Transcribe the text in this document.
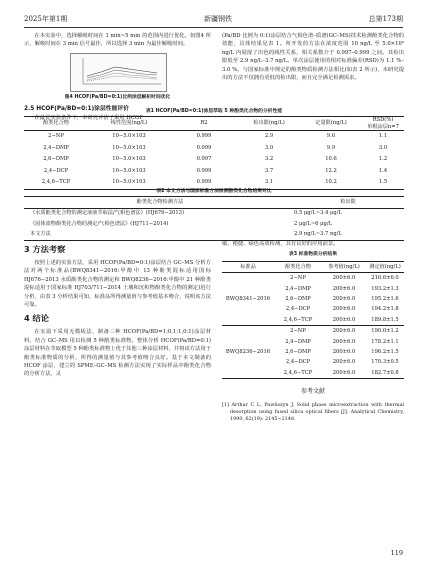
2025年第1期	新疆钢铁	总第173期

在本实验中，选择解吸时间在 1 min~5 min 的范围内进行优化，如图4 所示，解吸时间在 3 min 信号最佳，所以选择 3 min 为最佳解吸时间。

图4 HCOF(Pa/BD=0:1)比例涂层解析时间优化
2.5 HCOF(Pa/BD=0:1)涂层性能评价

在最优实验条件下，本研究评估了采用 HCOF

(Pa/BD 比例为 0:1)涂层结合气相色谱–质谱(GC–MS)技术检测酚类化合物的效能，具体结果见表 1。所开发的方法在浓度范围 10 ng/L 至 5.0×10³ ng/L 内展现了出色的线性关系，相关系数介于 0.997–0.999 之间。其检出限低至 2.9 ng/L–3.7 ng/L。单次涂层使用的相对标准偏差(RSD)为 1.1 %–3.0 %。与国家标准中规定的酚类物质检测方法相比(如表 2 所示)，本研究提出的方法不仅拥有更低的检出限，而且完全满足检测需求。

表1 HCOF(Pa/BD=0:1)涂层萃取 5 种酚类化合物的分析性能
酚类化合物	线性范围(ng/L)	R2	检出限(ng/L)	定量限(ng/L)	RSD(%)
单根涂层n=7
2−NP	10−5.0×103	0.999	2.9	9.6	1.1
2,4−DMP	10−5.0×103	0.999	3.0	9.9	3.0
2,6−DMP	10−5.0×103	0.997	3.2	10.6	1.2
2,4−DCP	10−5.0×103	0.999	3.7	12.2	1.4
2,4,6−TCP	10−5.0×103	0.999	3.1	10.2	1.5
表2 本文方法与国家标准方法检测酚类化合物结果对比
酚类化合物检测方法	检出限
《水质酚类化合物的测定液液萃取法/气相色谱法》(HJ676−2013)	0.5 μg/L~3.4 μg/L
《固体废物酚类化合物的测定/气相色谱法》(HJ711−2014)	2 μg/L~6 μg/L
本文方法	2.9 ng/L~3.7 ng/L
3 方法考察

按照上述的实验方法，采用 HCOF(Pa/BD=0:1)涂层结合 GC–MS 分析方法对两个标准品(BWQ8341−2016:甲醇中 13 种酚类混标适用国标 HJ676−2013 水质酚类化合物的测定和 BWQ8236−2016:甲醇中 21 种酚类混标适用于国家标准 HJ703/711−2014 土壤和沉积物酚类化合物的测定)进行分析，由表 3 分析结果可知，标准品所得测量值与参考值基本吻合，说明该方法可靠。

4 结论

在室温下采用无模板法，制备三种 HCOF(Pa/BD=1:0,1:1,0:1)涂层材料，结合 GC–MS 用以检测 5 种酚类标准物。整体分析 HCOF(Pa/BD=0:1)涂层材料在萃取模型 5 种酚类标准物上优于其他三种涂层材料，并将该方法用于酚类标准物质的分析，所得的测量值与其参考值吻合良好。基于本文制备的 HCOF 涂层，建立的 SPME–GC–MS 检测方法实现了实际样品中酚类化合物的分析方法，灵

敏、便捷、绿色高效检测，具有良好的应用前景。

表3 标准物质分析结果
标准品	酚类化合物	参考值(ng/L)	测定值(ng/L)
BWQ8341−2016	2−NP	200±6.0	210.6±6.0
	2,4−DMP	200±6.0	193.2±1.3
	2,6−DMP	200±6.0	195.2±1.6
	2,4−DCP	200±6.0	194.2±1.8
	2,4,6−TCP	200±6.0	189.8±1.5
BWQ8236−2016	2−NP	200±6.0	190.0±1.2
	2,4−DMP	200±6.0	178.2±1.1
	2,6−DMP	200±6.0	196.2±1.5
	2,4−DCP	200±6.0	170.3±0.5
	2,4,6−TCP	200±6.0	182.7±0.8
参考文献
[1] Arthur C L, Pawliszyn J. Solid phase microextraction with thermal desorption using fused silica optical fibers [J]. Analytical Chemistry, 1990, 62(19): 2145−2148.
119
